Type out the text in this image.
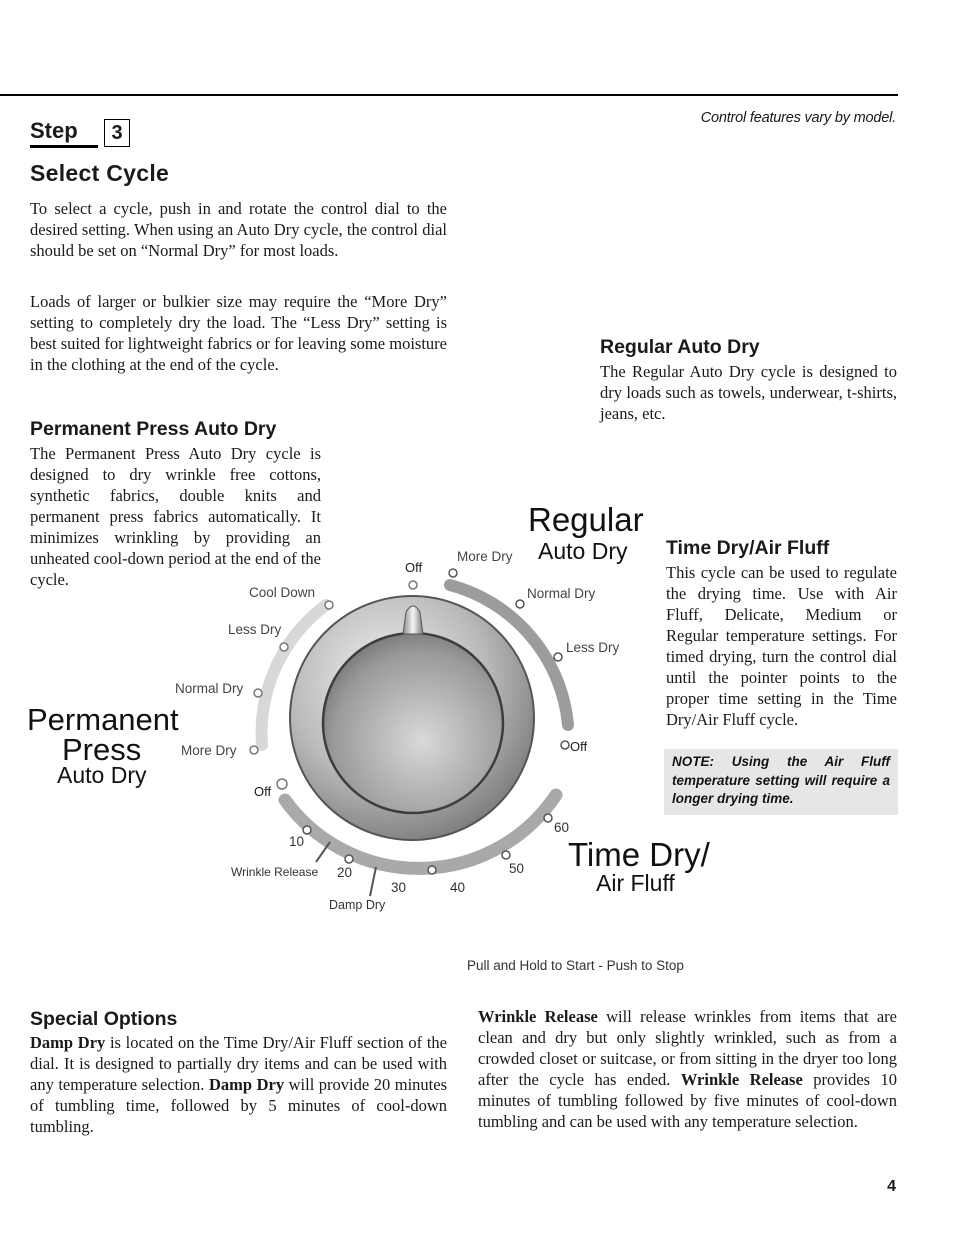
Control features vary by model.
Step	3
Select Cycle
To select a cycle, push in and rotate the control dial to the desired setting. When using an Auto Dry cycle, the control dial should be set on “Normal Dry” for most loads.
Loads of larger or bulkier size may require the “More Dry” setting to completely dry the load. The “Less Dry” setting is best suited for lightweight fabrics or for leaving some moisture in the clothing at the end of the cycle.
Permanent Press Auto Dry
The Permanent Press Auto Dry cycle is designed to dry wrinkle free cottons, synthetic fabrics, double knits and permanent press fabrics automatically. It minimizes wrinkling by providing an unheated cool-down period at the end of the cycle.
Regular Auto Dry
The Regular Auto Dry cycle is designed to dry loads such as towels, underwear, t-shirts, jeans, etc.
Time Dry/Air Fluff
This cycle can be used to regulate the drying time. Use with Air Fluff, Delicate, Medium or Regular temperature settings. For timed drying, turn the control dial until the pointer points to the proper time setting in the Time Dry/Air Fluff cycle.
NOTE: Using the Air Fluff temperature setting will require a longer drying time.
Off
More Dry
Normal Dry
Less Dry
Off
Cool Down
Less Dry
Normal Dry
More Dry
Off
10
Wrinkle Release 20
30
Damp Dry
40
50
60
Regular
Auto Dry
Permanent
Press
Auto Dry
Time Dry/
Air Fluff
Pull and Hold to Start - Push to Stop
Special Options
Damp Dry is located on the Time Dry/Air Fluff section of the dial. It is designed to partially dry items and can be used with any temperature selection. Damp Dry will provide 20 minutes of tumbling time, followed by 5 minutes of cool-down tumbling.
Wrinkle Release will release wrinkles from items that are clean and dry but only slightly wrinkled, such as from a crowded closet or suitcase, or from sitting in the dryer too long after the cycle has ended. Wrinkle Release provides 10 minutes of tumbling followed by five minutes of cool-down tumbling and can be used with any temperature selection.
4
